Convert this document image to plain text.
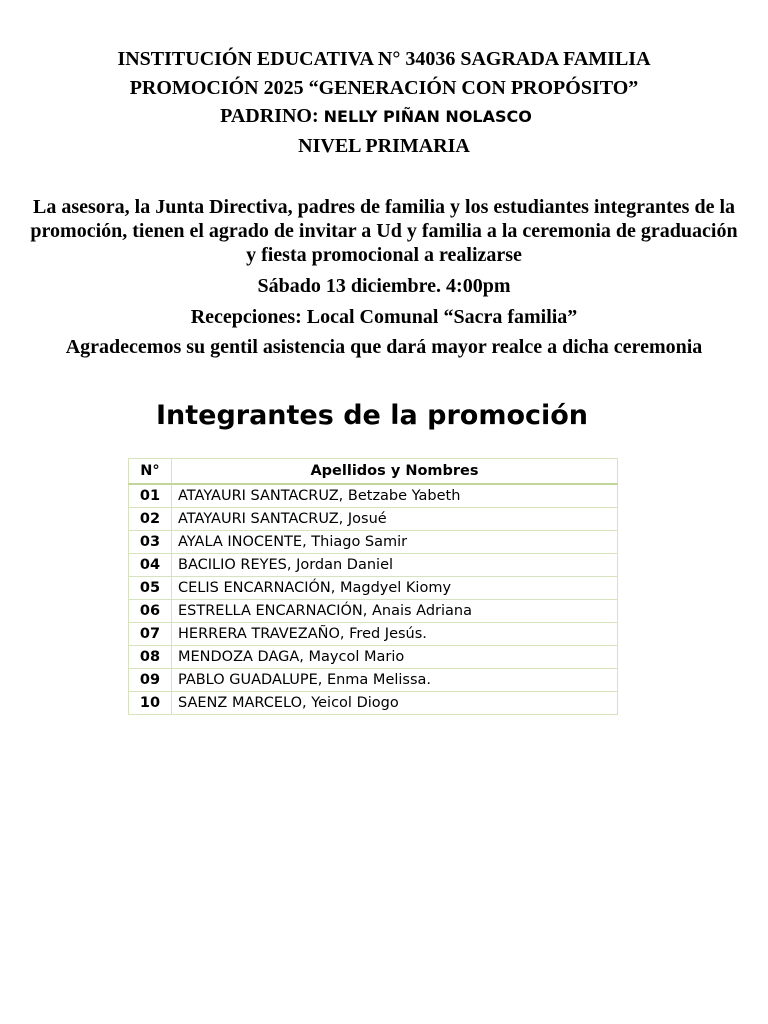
INSTITUCIÓN EDUCATIVA N° 34036 SAGRADA FAMILIA
PROMOCIÓN 2025 “GENERACIÓN CON PROPÓSITO”
PADRINO: NELLY PIÑAN NOLASCO
NIVEL PRIMARIA
La asesora, la Junta Directiva, padres de familia y los estudiantes integrantes de la promoción, tienen el agrado de invitar a Ud y familia a la ceremonia de graduación y fiesta promocional a realizarse
Sábado 13 diciembre. 4:00pm
Recepciones: Local Comunal “Sacra familia”
Agradecemos su gentil asistencia que dará mayor realce a dicha ceremonia
Integrantes de la promoción
N°	Apellidos y Nombres
01	ATAYAURI SANTACRUZ, Betzabe Yabeth
02	ATAYAURI SANTACRUZ, Josué
03	AYALA INOCENTE, Thiago Samir
04	BACILIO REYES, Jordan Daniel
05	CELIS ENCARNACIÓN, Magdyel Kiomy
06	ESTRELLA ENCARNACIÓN, Anais Adriana
07	HERRERA TRAVEZAÑO, Fred Jesús.
08	MENDOZA DAGA, Maycol Mario
09	PABLO GUADALUPE, Enma Melissa.
10	SAENZ MARCELO, Yeicol Diogo
